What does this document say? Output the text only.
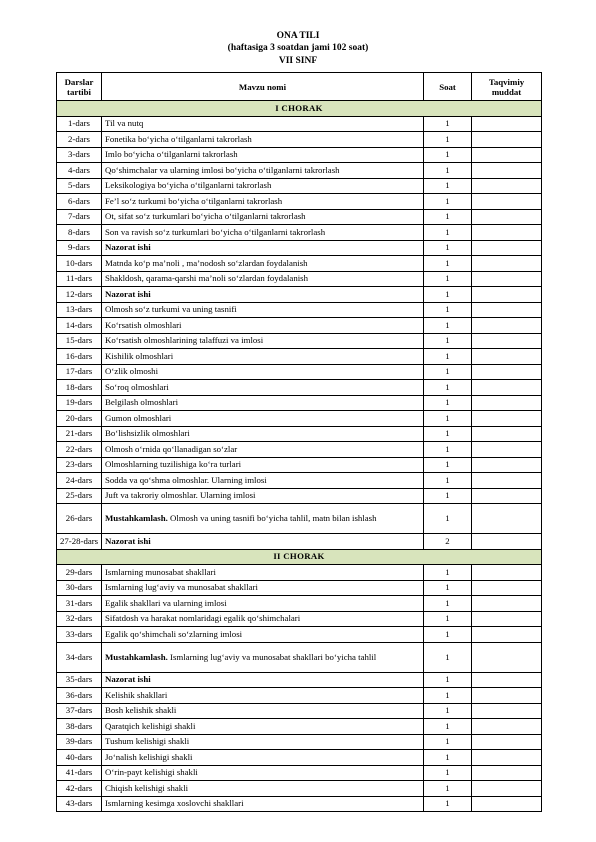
ONA TILI
(haftasiga 3 soatdan jami 102 soat)
VII SINF
Darslar
tartibi	Mavzu nomi	Soat	Taqvimiy
muddat
I CHORAK			
1-dars	Til va nutq	1	
2-dars	Fonetika bo‘yicha o‘tilganlarni takrorlash	1	
3-dars	Imlo bo‘yicha o‘tilganlarni takrorlash	1	
4-dars	Qo‘shimchalar va ularning imlosi bo‘yicha o‘tilganlarni takrorlash	1	
5-dars	Leksikologiya bo‘yicha o‘tilganlarni takrorlash	1	
6-dars	Fe’l so‘z turkumi bo‘yicha o‘tilganlarni takrorlash	1	
7-dars	Ot, sifat so‘z turkumlari bo‘yicha o‘tilganlarni takrorlash	1	
8-dars	Son va ravish so‘z turkumlari bo‘yicha o‘tilganlarni takrorlash	1	
9-dars	Nazorat ishi	1	
10-dars	Matnda ko‘p ma’noli , ma’nodosh so‘zlardan foydalanish	1	
11-dars	Shakldosh, qarama-qarshi ma’noli so‘zlardan foydalanish	1	
12-dars	Nazorat ishi	1	
13-dars	Olmosh so‘z turkumi va uning tasnifi	1	
14-dars	Ko‘rsatish olmoshlari	1	
15-dars	Ko‘rsatish olmoshlarining talaffuzi va imlosi	1	
16-dars	Kishilik olmoshlari	1	
17-dars	O‘zlik olmoshi	1	
18-dars	So‘roq olmoshlari	1	
19-dars	Belgilash olmoshlari	1	
20-dars	Gumon olmoshlari	1	
21-dars	Bo‘lishsizlik olmoshlari	1	
22-dars	Olmosh o‘rnida qo‘llanadigan so‘zlar	1	
23-dars	Olmoshlarning tuzilishiga ko‘ra turlari	1	
24-dars	Sodda va qo‘shma olmoshlar. Ularning imlosi	1	
25-dars	Juft va takroriy olmoshlar. Ularning imlosi	1	
26-dars	Mustahkamlash. Olmosh va uning tasnifi bo‘yicha tahlil, matn bilan ishlash	1	
27-28-dars	Nazorat ishi	2	
II CHORAK			
29-dars	Ismlarning munosabat shakllari	1	
30-dars	Ismlarning lug‘aviy va munosabat shakllari	1	
31-dars	Egalik shakllari va ularning imlosi	1	
32-dars	Sifatdosh va harakat nomlaridagi egalik qo‘shimchalari	1	
33-dars	Egalik qo‘shimchali so‘zlarning imlosi	1	
34-dars	Mustahkamlash. Ismlarning lug‘aviy va munosabat shakllari bo‘yicha tahlil	1	
35-dars	Nazorat ishi	1	
36-dars	Kelishik shakllari	1	
37-dars	Bosh kelishik shakli	1	
38-dars	Qaratqich kelishigi shakli	1	
39-dars	Tushum kelishigi shakli	1	
40-dars	Jo‘nalish kelishigi shakli	1	
41-dars	O‘rin-payt kelishigi shakli	1	
42-dars	Chiqish kelishigi shakli	1	
43-dars	Ismlarning kesimga xoslovchi shakllari	1	
